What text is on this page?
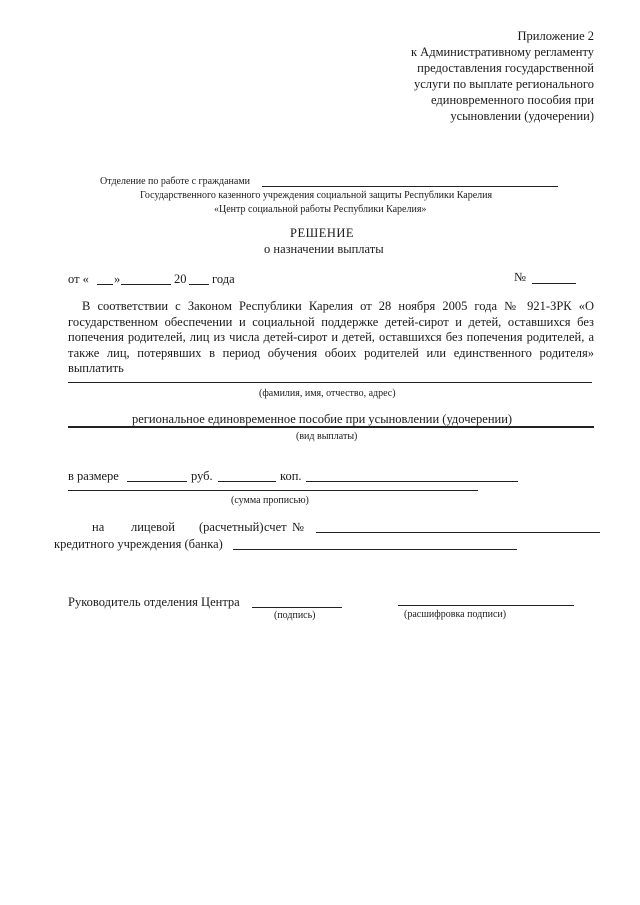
Приложение 2
к Административному регламенту
предоставления государственной
услуги по выплате регионального
единовременного пособия при
усыновлении (удочерении)
Отделение по работе с гражданами
Государственного казенного учреждения социальной защиты Республики Карелия
«Центр социальной работы Республики Карелия»
РЕШЕНИЕ
о назначении выплаты
от « »	20 года	№
В соответствии с Законом Республики Карелия от 28 ноября 2005 года № 921-ЗРК «О государственном обеспечении и социальной поддержке детей-сирот и детей, оставшихся без попечения родителей, лиц из числа детей-сирот и детей, оставшихся без попечения родителей, а также лиц, потерявших в период обучения обоих родителей или единственного родителя» выплатить
(фамилия, имя, отчество, адрес)
региональное единовременное пособие при усыновлении (удочерении)
(вид выплаты)
в размере	руб.	коп.
(сумма прописью)
на лицевой (расчетный) счет №
кредитного учреждения (банка)
Руководитель отделения Центра
(подпись)	(расшифровка подписи)
